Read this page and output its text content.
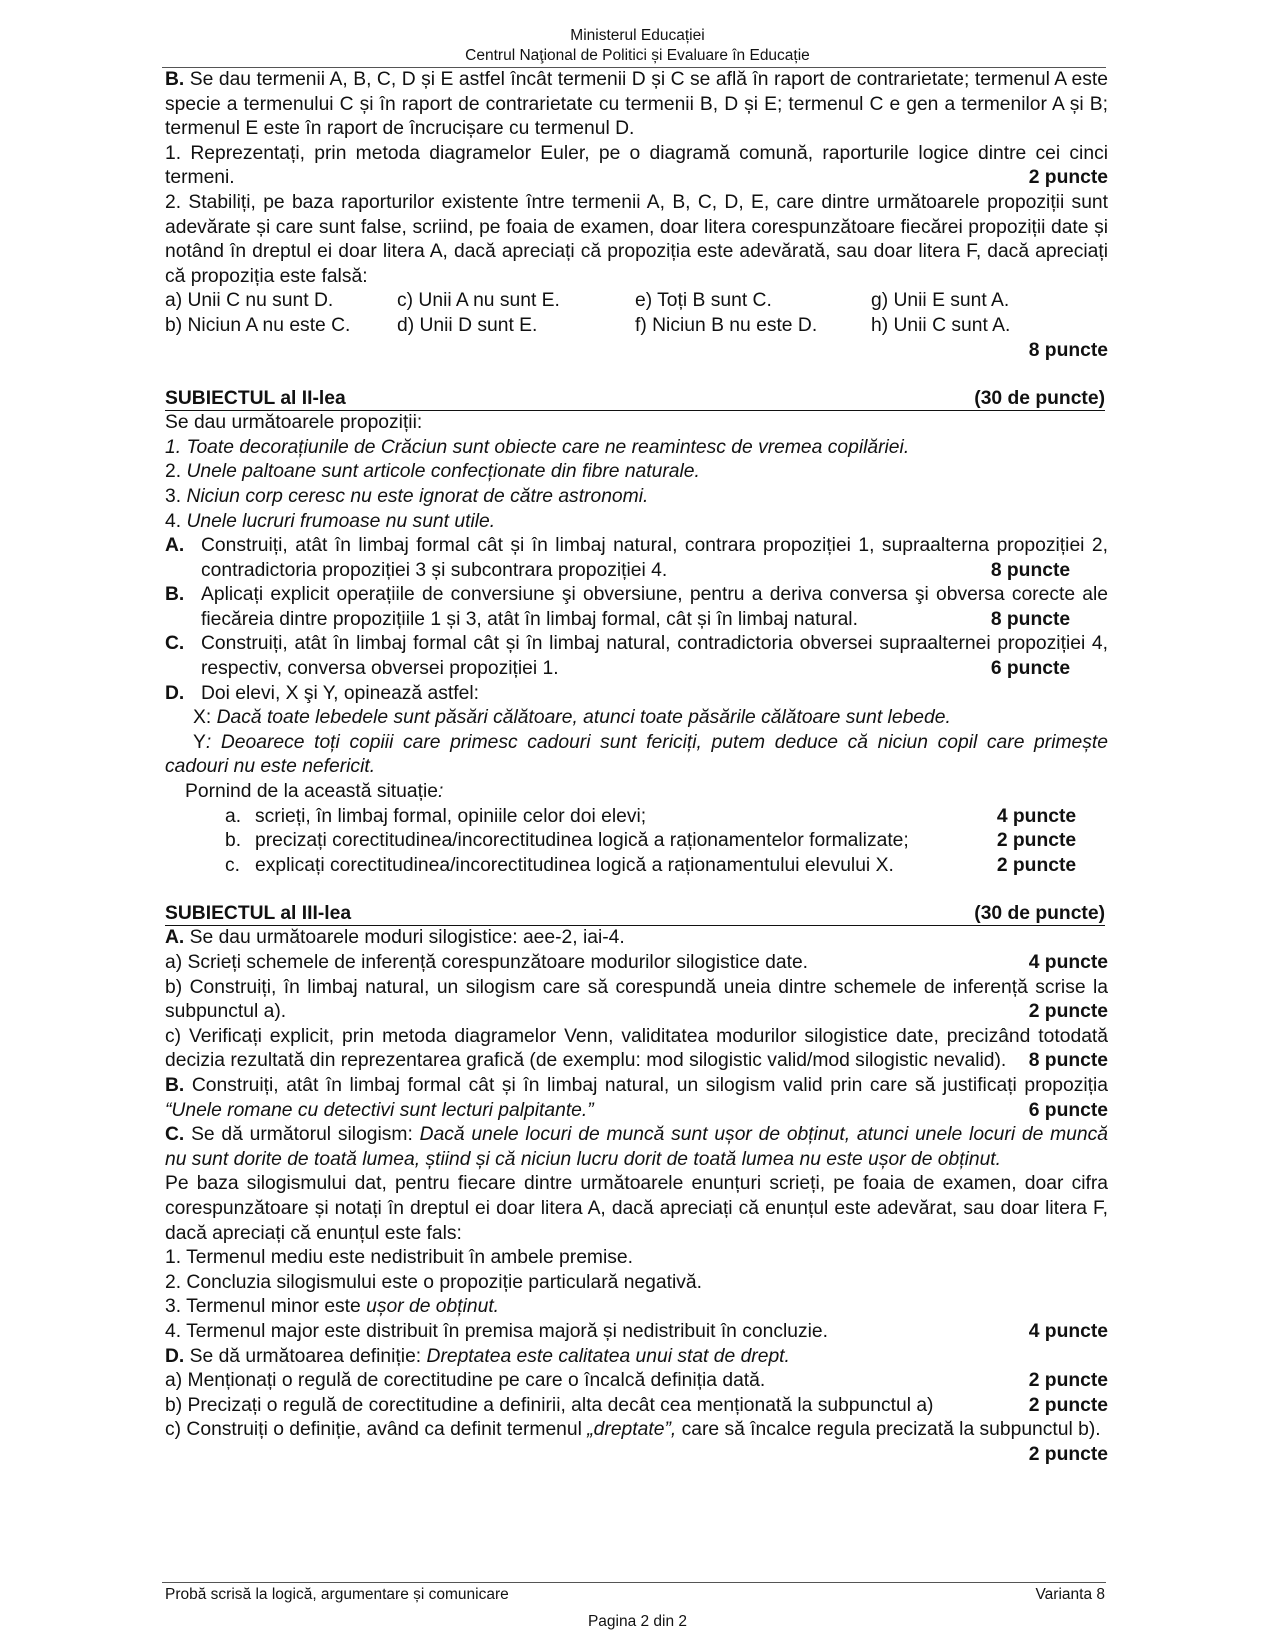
Ministerul Educației
Centrul Naţional de Politici și Evaluare în Educație

B. Se dau termenii A, B, C, D și E astfel încât termenii D și C se află în raport de contrarietate; termenul A este specie a termenului C și în raport de contrarietate cu termenii B, D și E; termenul C e gen a termenilor A și B; termenul E este în raport de încrucișare cu termenul D.

1. Reprezentați, prin metoda diagramelor Euler, pe o diagramă comună, raporturile logice dintre cei cinci termeni.	2 puncte

2. Stabiliți, pe baza raporturilor existente între termenii A, B, C, D, E, care dintre următoarele propoziții sunt adevărate și care sunt false, scriind, pe foaia de examen, doar litera corespunzătoare fiecărei propoziții date și notând în dreptul ei doar litera A, dacă apreciați că propoziția este adevărată, sau doar litera F, dacă apreciați că propoziția este falsă:

a) Unii C nu sunt D.	c) Unii A nu sunt E.	e) Toți B sunt C.	g) Unii E sunt A.
b) Niciun A nu este C.	d) Unii D sunt E.	f) Niciun B nu este D.	h) Unii C sunt A.

8 puncte

SUBIECTUL al II-lea	(30 de puncte)

Se dau următoarele propoziții:

1. Toate decorațiunile de Crăciun sunt obiecte care ne reamintesc de vremea copilăriei.

2. Unele paltoane sunt articole confecționate din fibre naturale.

3. Niciun corp ceresc nu este ignorat de către astronomi.

4. Unele lucruri frumoase nu sunt utile.

A. Construiți, atât în limbaj formal cât și în limbaj natural, contrara propoziției 1, supraalterna propoziției 2, contradictoria propoziției 3 și subcontrara propoziției 4.	8 puncte

B. Aplicați explicit operațiile de conversiune şi obversiune, pentru a deriva conversa şi obversa corecte ale fiecăreia dintre propozițiile 1 și 3, atât în limbaj formal, cât și în limbaj natural.	8 puncte

C. Construiți, atât în limbaj formal cât și în limbaj natural, contradictoria obversei supraalternei propoziției 4, respectiv, conversa obversei propoziției 1.	6 puncte

D. Doi elevi, X şi Y, opinează astfel:

X: Dacă toate lebedele sunt păsări călătoare, atunci toate păsările călătoare sunt lebede.

Y: Deoarece toți copiii care primesc cadouri sunt fericiți, putem deduce că niciun copil care primește cadouri nu este nefericit.

Pornind de la această situație:

a. scrieți, în limbaj formal, opiniile celor doi elevi;	4 puncte

b. precizați corectitudinea/incorectitudinea logică a raționamentelor formalizate;	2 puncte

c. explicați corectitudinea/incorectitudinea logică a raționamentului elevului X.	2 puncte

SUBIECTUL al III-lea	(30 de puncte)

A. Se dau următoarele moduri silogistice: aee-2, iai-4.

a) Scrieți schemele de inferență corespunzătoare modurilor silogistice date.	4 puncte

b) Construiți, în limbaj natural, un silogism care să corespundă uneia dintre schemele de inferență scrise la subpunctul a).	2 puncte

c) Verificați explicit, prin metoda diagramelor Venn, validitatea modurilor silogistice date, precizând totodată decizia rezultată din reprezentarea grafică (de exemplu: mod silogistic valid/mod silogistic nevalid). 8 puncte

B. Construiți, atât în limbaj formal cât și în limbaj natural, un silogism valid prin care să justificați propoziția “Unele romane cu detectivi sunt lecturi palpitante.”	6 puncte

C. Se dă următorul silogism: Dacă unele locuri de muncă sunt ușor de obținut, atunci unele locuri de muncă nu sunt dorite de toată lumea, știind și că niciun lucru dorit de toată lumea nu este ușor de obținut.

Pe baza silogismului dat, pentru fiecare dintre următoarele enunțuri scrieți, pe foaia de examen, doar cifra corespunzătoare și notați în dreptul ei doar litera A, dacă apreciați că enunțul este adevărat, sau doar litera F, dacă apreciați că enunțul este fals:

1. Termenul mediu este nedistribuit în ambele premise.

2. Concluzia silogismului este o propoziție particulară negativă.

3. Termenul minor este ușor de obținut.

4. Termenul major este distribuit în premisa majoră și nedistribuit în concluzie.	4 puncte

D. Se dă următoarea definiție: Dreptatea este calitatea unui stat de drept.

a) Menționați o regulă de corectitudine pe care o încalcă definiția dată.	2 puncte

b) Precizați o regulă de corectitudine a definirii, alta decât cea menționată la subpunctul a)	2 puncte

c) Construiți o definiție, având ca definit termenul „dreptate”, care să încalce regula precizată la subpunctul b).
2 puncte

Probă scrisă la logică, argumentare și comunicare	Varianta 8
Pagina 2 din 2
